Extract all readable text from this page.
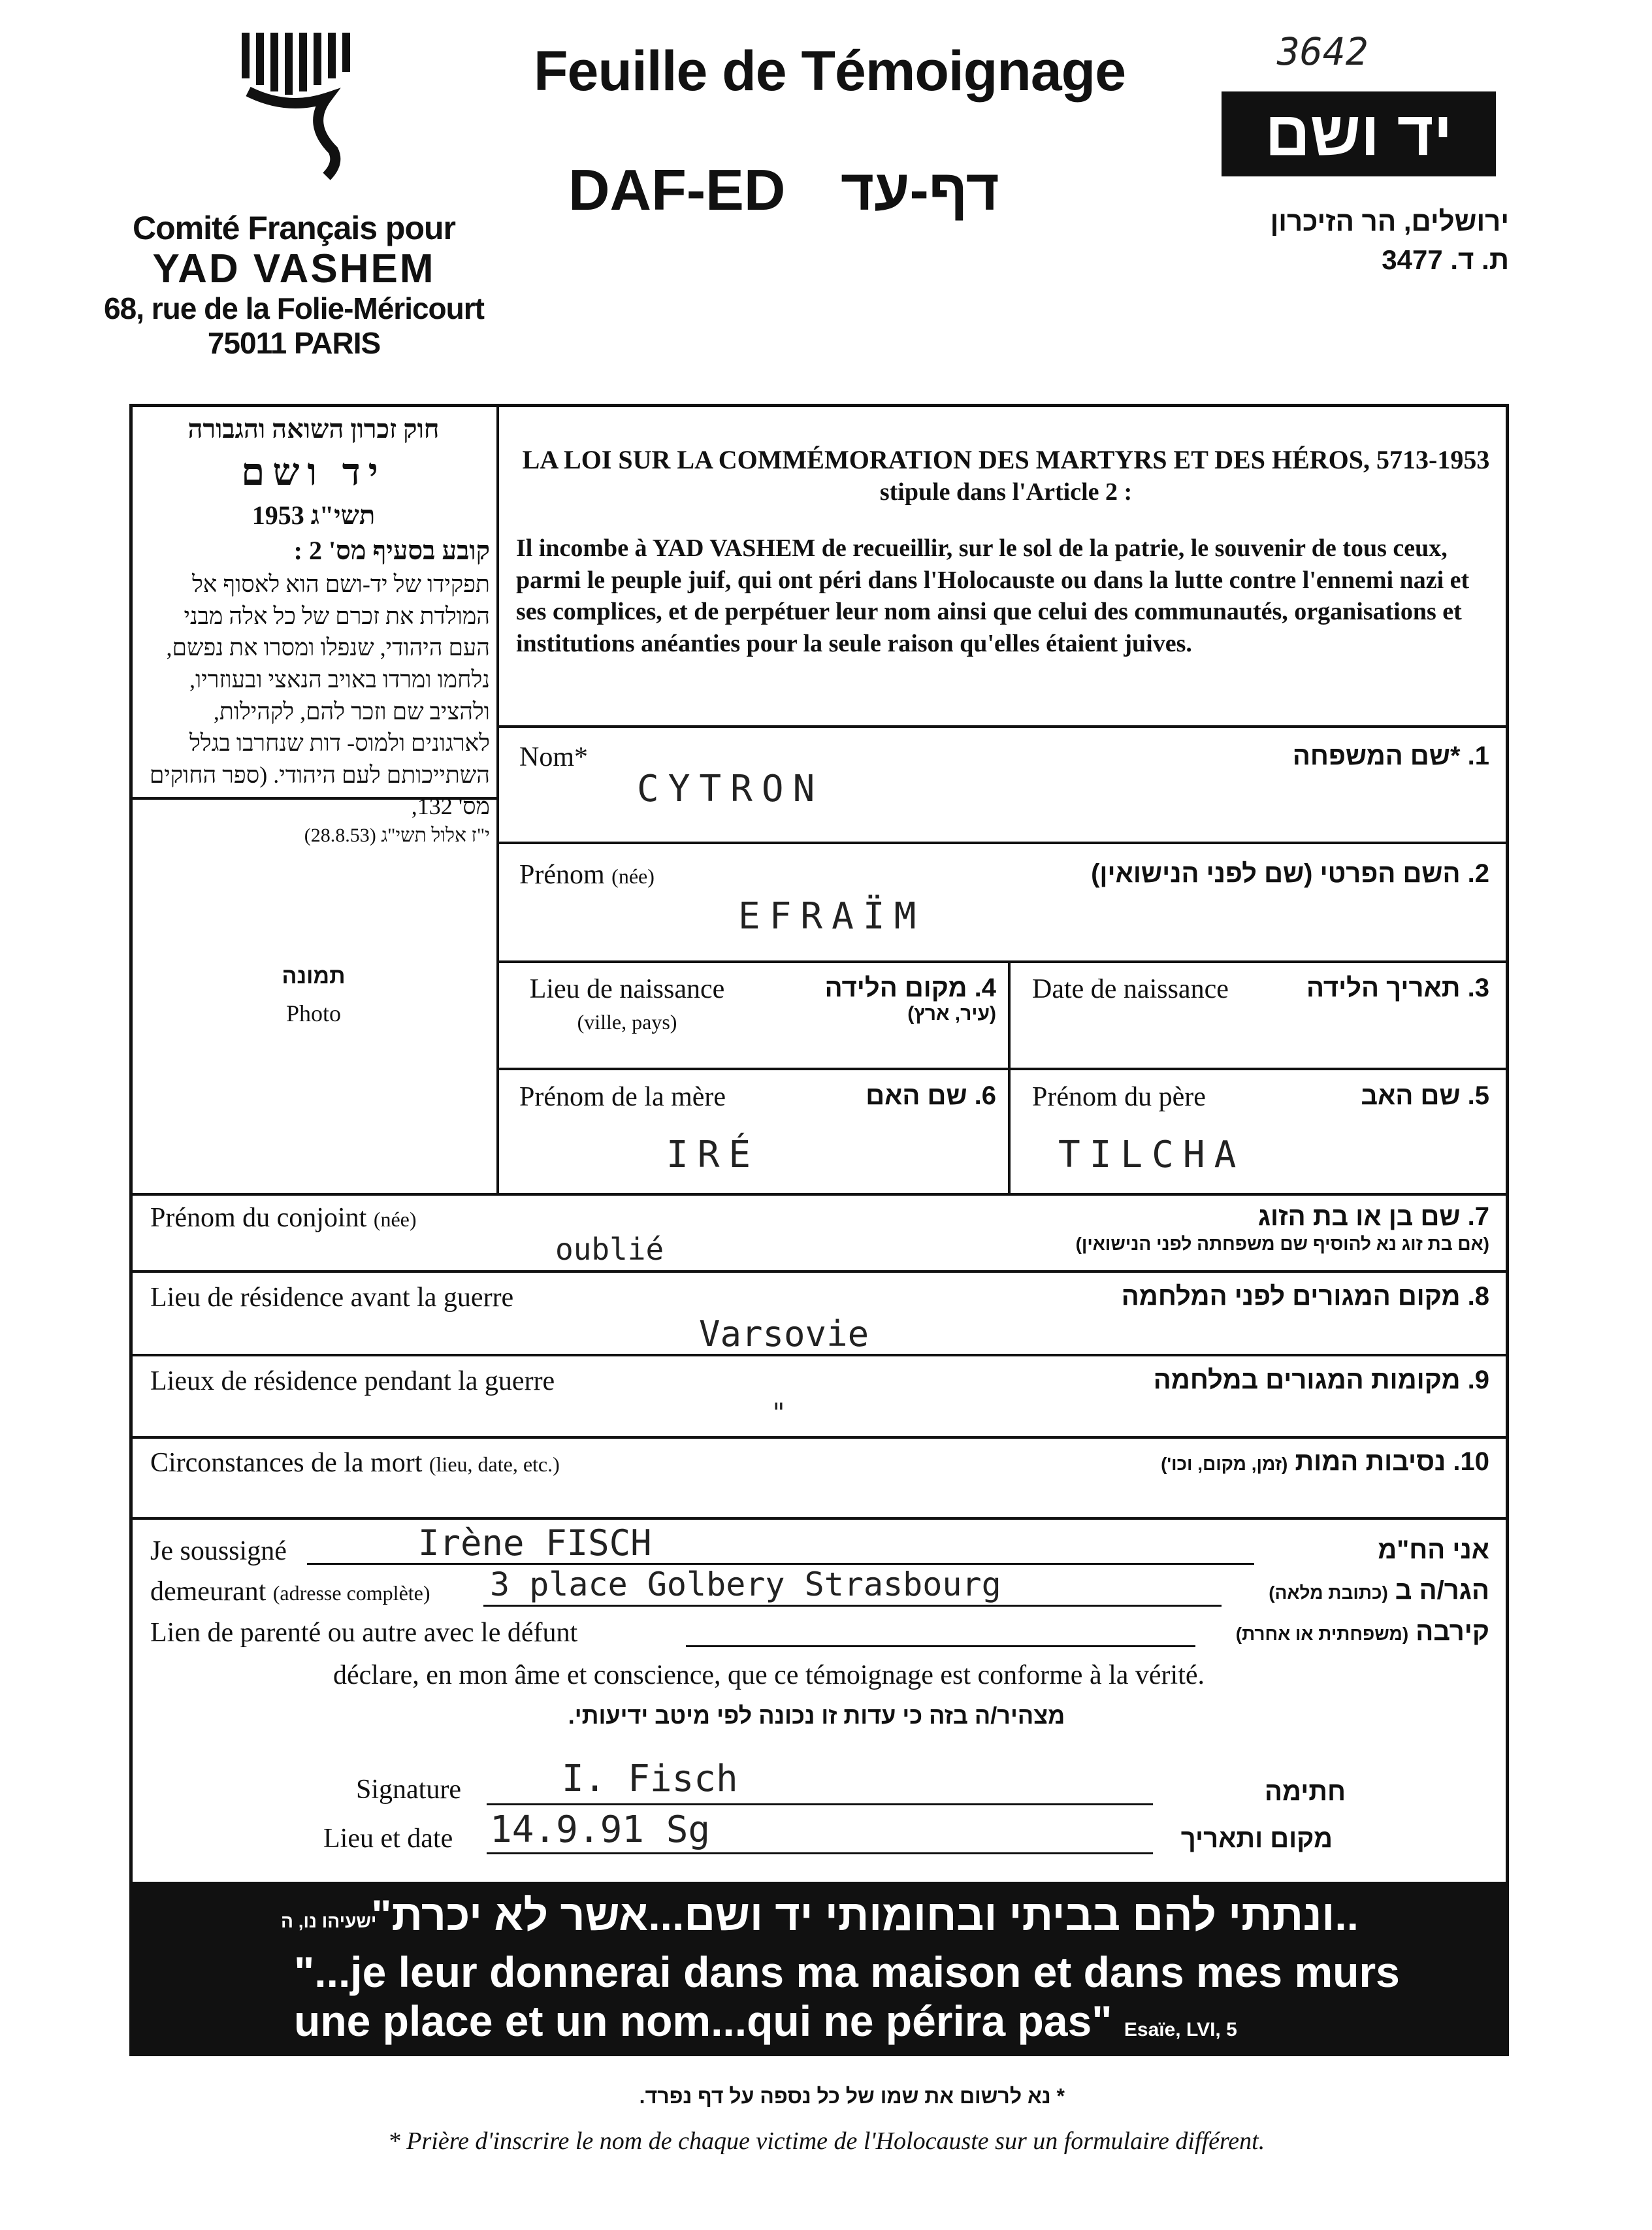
Comité Français pour
YAD VASHEM
68, rue de la Folie-Méricourt
75011 PARIS
Feuille de Témoignage
DAF-ED דף-עד
3642
יד ושם
ירושלים, הר הזיכרון
ת. ד. 3477
חוק זכרון השואה והגבורה
יד ושם
תשי"ג 1953
קובע בסעיף מס' 2 :
תפקידו של יד-ושם הוא לאסוף אל המולדת את זכרם של כל אלה מבני העם היהודי, שנפלו ומסרו את נפשם, נלחמו ומרדו באויב הנאצי ובעוזריו, ולהציב שם וזכר להם, לקהילות, לארגונים ולמוס- דות שנחרבו בגלל השתייכותם לעם היהודי. (ספר החוקים מס' 132,
י"ז אלול תשי"ג (28.8.53)
LA LOI SUR LA COMMÉMORATION DES MARTYRS ET DES HÉROS, 5713-1953
stipule dans l'Article 2 :
Il incombe à YAD VASHEM de recueillir, sur le sol de la patrie, le souvenir de tous ceux, parmi le peuple juif, qui ont péri dans l'Holocauste ou dans la lutte contre l'ennemi nazi et ses complices, et de perpétuer leur nom ainsi que celui des communautés, organisations et institutions anéanties pour la seule raison qu'elles étaient juives.
תמונה
Photo
Nom*	1. *שם המשפחה
CYTRON
Prénom (née)	2. השם הפרטי (שם לפני הנישואין)
EFRAÏM
Lieu de naissance
(ville, pays)
4. מקום הלידה
(עיר, ארץ)
Date de naissance	3. תאריך הלידה
Prénom de la mère	6. שם האם
IRÉ
Prénom du père	5. שם האב
TILCHA
Prénom du conjoint (née)	7. שם בן או בת הזוג
(אם בת זוג נא להוסיף שם משפחתה לפני הנישואין)
oublié
Lieu de résidence avant la guerre	8. מקום המגורים לפני המלחמה
Varsovie
Lieux de résidence pendant la guerre	9. מקומות המגורים במלחמה
"
Circonstances de la mort (lieu, date, etc.)	10. נסיבות המות (זמן, מקום, וכו')
Je soussigné	Irène FISCH	אני הח"מ
demeurant (adresse complète) 3 place Golbery Strasbourg	הגר/ה ב (כתובת מלאה)
Lien de parenté ou autre avec le défunt	קירבה (משפחתית או אחרת)
déclare, en mon âme et conscience, que ce témoignage est conforme à la vérité.
מצהיר/ה בזה כי עדות זו נכונה לפי מיטב ידיעותי.
Signature	I. Fisch	חתימה
Lieu et date 14.9.91 Sg	מקום ותאריך
ישעיהו נו, ה
..ונתתי להם בביתי ובחומותי יד ושם...אשר לא יכרת"
"...je leur donnerai dans ma maison et dans mes murs
une place et un nom...qui ne périra pas" Esaïe, LVI, 5
* נא לרשום את שמו של כל נספה על דף נפרד.
* Prière d'inscrire le nom de chaque victime de l'Holocauste sur un formulaire différent.
